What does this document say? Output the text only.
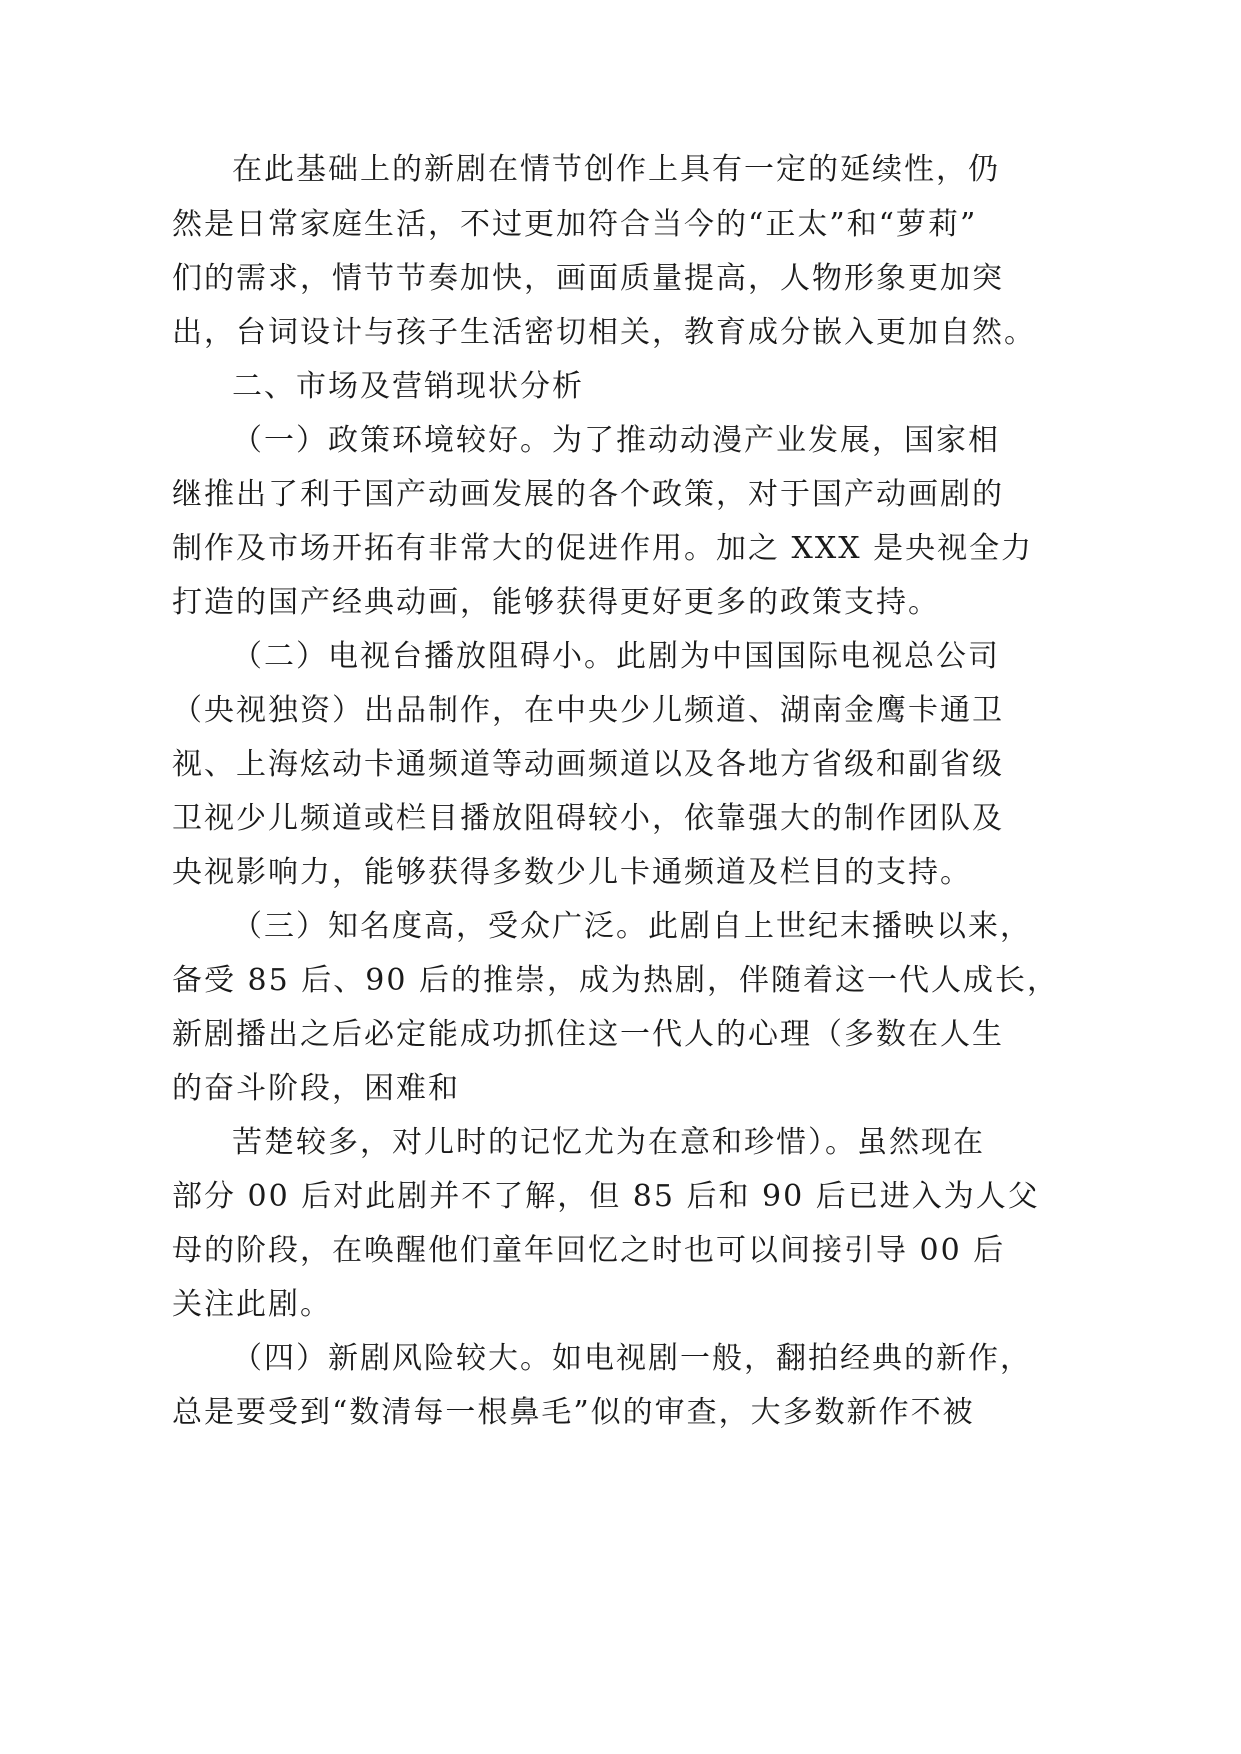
在此基础上的新剧在情节创作上具有一定的延续性，仍
然是日常家庭生活，不过更加符合当今的“正太”和“萝莉”
们的需求，情节节奏加快，画面质量提高，人物形象更加突
出，台词设计与孩子生活密切相关，教育成分嵌入更加自然。
二、市场及营销现状分析
（一）政策环境较好。为了推动动漫产业发展，国家相
继推出了利于国产动画发展的各个政策，对于国产动画剧的
制作及市场开拓有非常大的促进作用。加之 XXX 是央视全力
打造的国产经典动画，能够获得更好更多的政策支持。
（二）电视台播放阻碍小。此剧为中国国际电视总公司
（央视独资）出品制作，在中央少儿频道、湖南金鹰卡通卫
视、上海炫动卡通频道等动画频道以及各地方省级和副省级
卫视少儿频道或栏目播放阻碍较小，依靠强大的制作团队及
央视影响力，能够获得多数少儿卡通频道及栏目的支持。
（三）知名度高，受众广泛。此剧自上世纪末播映以来，
备受 85 后、90 后的推崇，成为热剧，伴随着这一代人成长，
新剧播出之后必定能成功抓住这一代人的心理（多数在人生
的奋斗阶段，困难和
苦楚较多，对儿时的记忆尤为在意和珍惜）。虽然现在
部分 00 后对此剧并不了解，但 85 后和 90 后已进入为人父
母的阶段，在唤醒他们童年回忆之时也可以间接引导 00 后
关注此剧。
（四）新剧风险较大。如电视剧一般，翻拍经典的新作，
总是要受到“数清每一根鼻毛”似的审查，大多数新作不被
